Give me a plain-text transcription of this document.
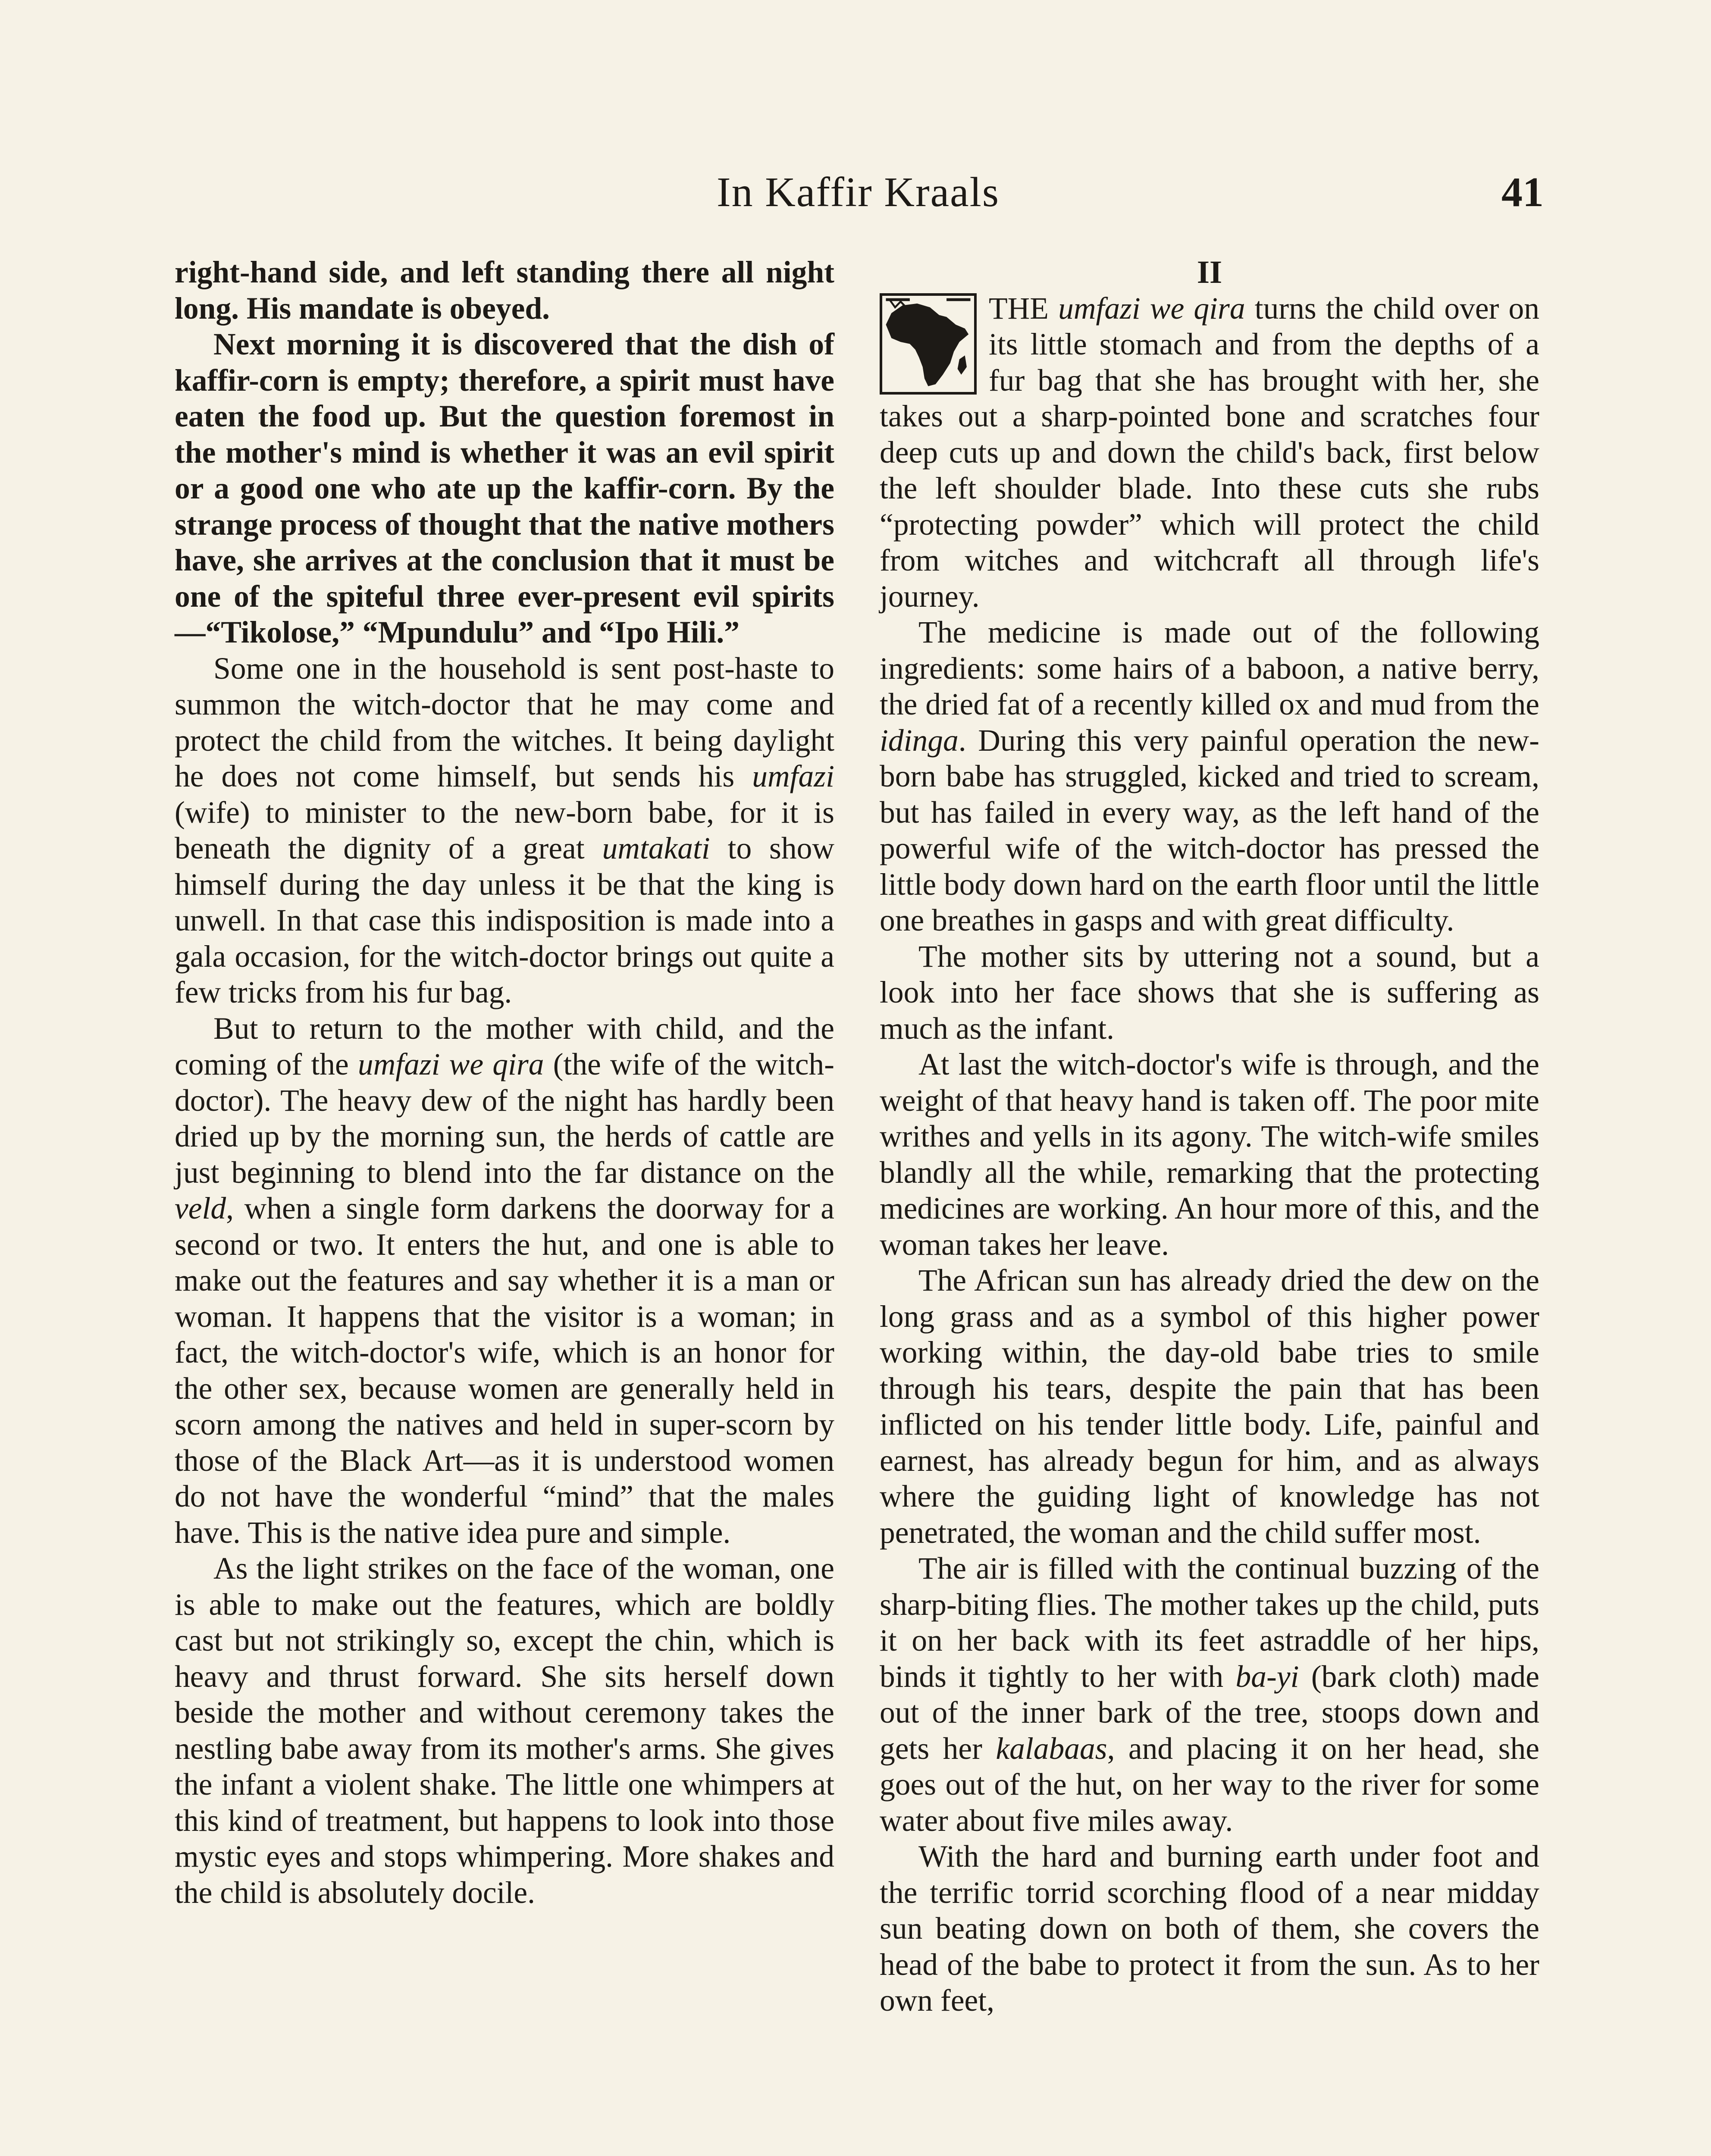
In Kaffir Kraals	41

right-hand side, and left standing there all night long. His mandate is obeyed.

Next morning it is discovered that the dish of kaffir-corn is empty; therefore, a spirit must have eaten the food up. But the question foremost in the mother's mind is whether it was an evil spirit or a good one who ate up the kaffir-corn. By the strange process of thought that the native mothers have, she arrives at the conclusion that it must be one of the spiteful three ever-present evil spirits—“Tikolose,” “Mpundulu” and “Ipo Hili.”

Some one in the household is sent post-haste to summon the witch-doctor that he may come and protect the child from the witches. It being daylight he does not come himself, but sends his umfazi (wife) to minister to the new-born babe, for it is beneath the dignity of a great umtakati to show himself during the day unless it be that the king is unwell. In that case this indisposition is made into a gala occasion, for the witch-doctor brings out quite a few tricks from his fur bag.

But to return to the mother with child, and the coming of the umfazi we qira (the wife of the witch-doctor). The heavy dew of the night has hardly been dried up by the morning sun, the herds of cattle are just beginning to blend into the far distance on the veld, when a single form darkens the doorway for a second or two. It enters the hut, and one is able to make out the features and say whether it is a man or woman. It happens that the visitor is a woman; in fact, the witch-doctor's wife, which is an honor for the other sex, because women are generally held in scorn among the natives and held in super-scorn by those of the Black Art—as it is understood women do not have the wonderful “mind” that the males have. This is the native idea pure and simple.

As the light strikes on the face of the woman, one is able to make out the features, which are boldly cast but not strikingly so, except the chin, which is heavy and thrust forward. She sits herself down beside the mother and without ceremony takes the nestling babe away from its mother's arms. She gives the infant a violent shake. The little one whimpers at this kind of treatment, but happens to look into those mystic eyes and stops whimpering. More shakes and the child is absolutely docile.

II

THE umfazi we qira turns the child over on its little stomach and from the depths of a fur bag that she has brought with her, she takes out a sharp-pointed bone and scratches four deep cuts up and down the child's back, first below the left shoulder blade. Into these cuts she rubs “protecting powder” which will protect the child from witches and witchcraft all through life's journey.

The medicine is made out of the following ingredients: some hairs of a baboon, a native berry, the dried fat of a recently killed ox and mud from the idinga. During this very painful operation the new-born babe has struggled, kicked and tried to scream, but has failed in every way, as the left hand of the powerful wife of the witch-doctor has pressed the little body down hard on the earth floor until the little one breathes in gasps and with great difficulty.

The mother sits by uttering not a sound, but a look into her face shows that she is suffering as much as the infant.

At last the witch-doctor's wife is through, and the weight of that heavy hand is taken off. The poor mite writhes and yells in its agony. The witch-wife smiles blandly all the while, remarking that the protecting medicines are working. An hour more of this, and the woman takes her leave.

The African sun has already dried the dew on the long grass and as a symbol of this higher power working within, the day-old babe tries to smile through his tears, despite the pain that has been inflicted on his tender little body. Life, painful and earnest, has already begun for him, and as always where the guiding light of knowledge has not penetrated, the woman and the child suffer most.

The air is filled with the continual buzzing of the sharp-biting flies. The mother takes up the child, puts it on her back with its feet astraddle of her hips, binds it tightly to her with ba-yi (bark cloth) made out of the inner bark of the tree, stoops down and gets her kalabaas, and placing it on her head, she goes out of the hut, on her way to the river for some water about five miles away.

With the hard and burning earth under foot and the terrific torrid scorching flood of a near midday sun beating down on both of them, she covers the head of the babe to protect it from the sun. As to her own feet,
